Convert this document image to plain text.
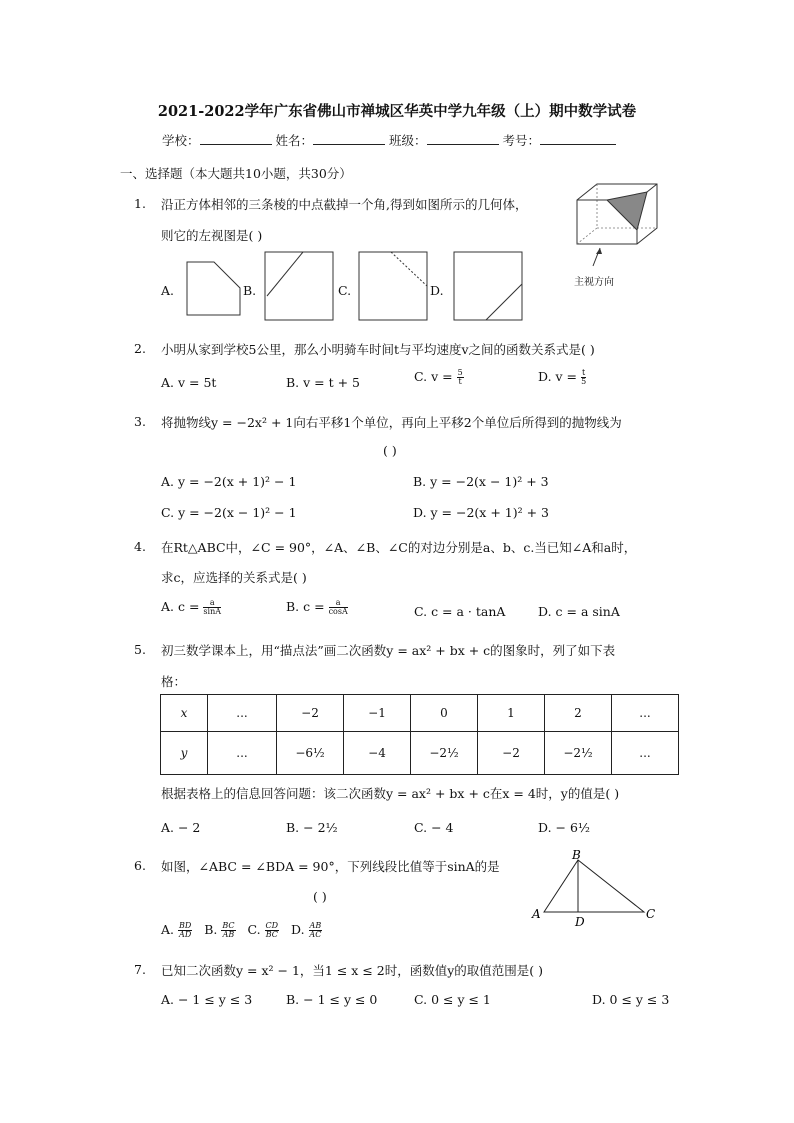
2021-2022学年广东省佛山市禅城区华英中学九年级（上）期中数学试卷
学校：	姓名：	班级：	考号：
一、选择题（本大题共10小题，共30分）
1. 沿正方体相邻的三条棱的中点截掉一个角,得到如图所示的几何体，
则它的左视图是( )
主视方向
A.	B.	C.	D.
2. 小明从家到学校5公里，那么小明骑车时间t与平均速度v之间的函数关系式是( )
A. v = 5t	B. v = t + 5	C. $v = \frac{5}{t}$	D. $v = \frac{t}{5}$
3. 将抛物线y = −2x² + 1向右平移1个单位，再向上平移2个单位后所得到的抛物线为
( )
A. y = −2(x + 1)² − 1	B. y = −2(x − 1)² + 3
C. y = −2(x − 1)² − 1	D. y = −2(x + 1)² + 3
4. 在Rt△ABC中，∠C = 90°，∠A、∠B、∠C的对边分别是a、b、c.当已知∠A和a时，
求c，应选择的关系式是( )
A. $c = \frac{a}{\sin A}$	B. $c = \frac{a}{\cos A}$	C. c = a · tanA	D. c = a sinA
5. 初三数学课本上，用“描点法”画二次函数y = ax² + bx + c的图象时，列了如下表
格：
x	...	−2	−1	0	1	2	...
y	...	−6½	−4	−2½	−2	−2½	...
根据表格上的信息回答问题：该二次函数y = ax² + bx + c在x = 4时，y的值是( )
A. − 2	B. − 2½	C. − 4	D. − 6½
6. 如图，∠ABC = ∠BDA = 90°，下列线段比值等于sinA的是
( )
A. $\frac{BD}{AD} B$. $\frac{BC}{AB} C$. $\frac{CD}{BC} D$. $\frac{AB}{AC}$
B
A	C
D
7. 已知二次函数y = x² − 1，当1 ≤ x ≤ 2时，函数值y的取值范围是( )
A. − 1 ≤ y ≤ 3	B. − 1 ≤ y ≤ 0	C. 0 ≤ y ≤ 1	D. 0 ≤ y ≤ 3
